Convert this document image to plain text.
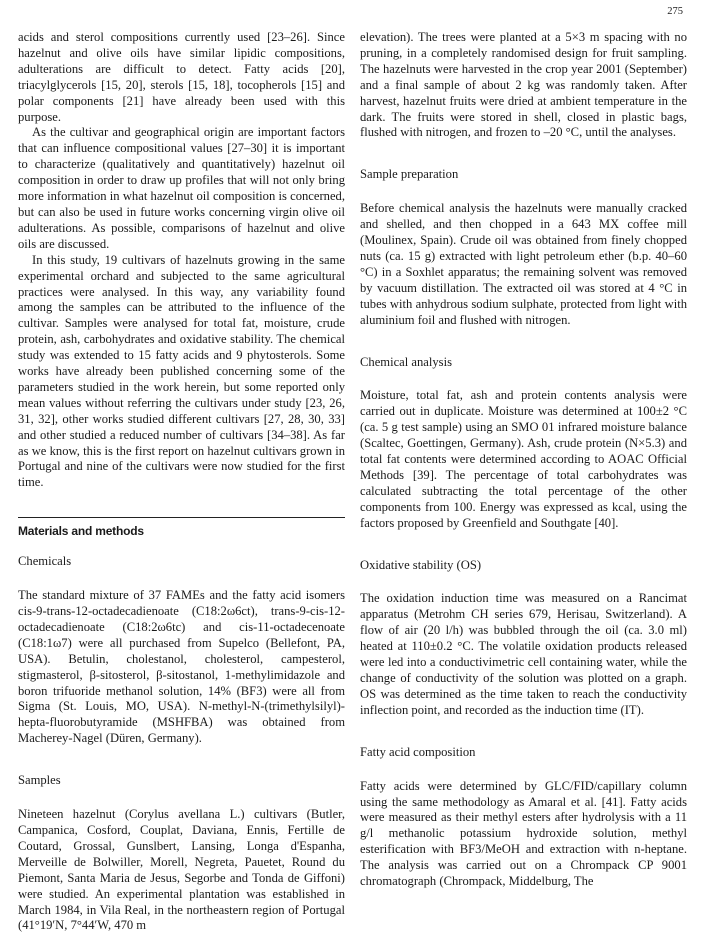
275

acids and sterol compositions currently used [23–26]. Since hazelnut and olive oils have similar lipidic compositions, adulterations are difficult to detect. Fatty acids [20], triacylglycerols [15, 20], sterols [15, 18], tocopherols [15] and polar components [21] have already been used with this purpose.

As the cultivar and geographical origin are important factors that can influence compositional values [27–30] it is important to characterize (qualitatively and quantitatively) hazelnut oil composition in order to draw up profiles that will not only bring more information in what hazelnut oil composition is concerned, but can also be used in future works concerning virgin olive oil adulterations. As possible, comparisons of hazelnut and olive oils are discussed.

In this study, 19 cultivars of hazelnuts growing in the same experimental orchard and subjected to the same agricultural practices were analysed. In this way, any variability found among the samples can be attributed to the influence of the cultivar. Samples were analysed for total fat, moisture, crude protein, ash, carbohydrates and oxidative stability. The chemical study was extended to 15 fatty acids and 9 phytosterols. Some works have already been published concerning some of the parameters studied in the work herein, but some reported only mean values without referring the cultivars under study [23, 26, 31, 32], other works studied different cultivars [27, 28, 30, 33] and other studied a reduced number of cultivars [34–38]. As far as we know, this is the first report on hazelnut cultivars grown in Portugal and nine of the cultivars were now studied for the first time.

Materials and methods
Chemicals

The standard mixture of 37 FAMEs and the fatty acid isomers cis-9-trans-12-octadecadienoate (C18:2ω6ct), trans-9-cis-12-octadecadienoate (C18:2ω6tc) and cis-11-octadecenoate (C18:1ω7) were all purchased from Supelco (Bellefont, PA, USA). Betulin, cholestanol, cholesterol, campesterol, stigmasterol, β-sitosterol, β-sitostanol, 1-methylimidazole and boron trifuoride methanol solution, 14% (BF3) were all from Sigma (St. Louis, MO, USA). N-methyl-N-(trimethylsilyl)-hepta-fluorobutyramide (MSHFBA) was obtained from Macherey-Nagel (Düren, Germany).

Samples

Nineteen hazelnut (Corylus avellana L.) cultivars (Butler, Campanica, Cosford, Couplat, Daviana, Ennis, Fertille de Coutard, Grossal, Gunslbert, Lansing, Longa d'Espanha, Merveille de Bolwiller, Morell, Negreta, Pauetet, Round du Piemont, Santa Maria de Jesus, Segorbe and Tonda de Giffoni) were studied. An experimental plantation was established in March 1984, in Vila Real, in the northeastern region of Portugal (41°19′N, 7°44′W, 470 m

elevation). The trees were planted at a 5×3 m spacing with no pruning, in a completely randomised design for fruit sampling. The hazelnuts were harvested in the crop year 2001 (September) and a final sample of about 2 kg was randomly taken. After harvest, hazelnut fruits were dried at ambient temperature in the dark. The fruits were stored in shell, closed in plastic bags, flushed with nitrogen, and frozen to –20 °C, until the analyses.

Sample preparation

Before chemical analysis the hazelnuts were manually cracked and shelled, and then chopped in a 643 MX coffee mill (Moulinex, Spain). Crude oil was obtained from finely chopped nuts (ca. 15 g) extracted with light petroleum ether (b.p. 40–60 °C) in a Soxhlet apparatus; the remaining solvent was removed by vacuum distillation. The extracted oil was stored at 4 °C in tubes with anhydrous sodium sulphate, protected from light with aluminium foil and flushed with nitrogen.

Chemical analysis

Moisture, total fat, ash and protein contents analysis were carried out in duplicate. Moisture was determined at 100±2 °C (ca. 5 g test sample) using an SMO 01 infrared moisture balance (Scaltec, Goettingen, Germany). Ash, crude protein (N×5.3) and total fat contents were determined according to AOAC Official Methods [39]. The percentage of total carbohydrates was calculated subtracting the total percentage of the other components from 100. Energy was expressed as kcal, using the factors proposed by Greenfield and Southgate [40].

Oxidative stability (OS)

The oxidation induction time was measured on a Rancimat apparatus (Metrohm CH series 679, Herisau, Switzerland). A flow of air (20 l/h) was bubbled through the oil (ca. 3.0 ml) heated at 110±0.2 °C. The volatile oxidation products released were led into a conductivimetric cell containing water, while the change of conductivity of the solution was plotted on a graph. OS was determined as the time taken to reach the conductivity inflection point, and recorded as the induction time (IT).

Fatty acid composition

Fatty acids were determined by GLC/FID/capillary column using the same methodology as Amaral et al. [41]. Fatty acids were measured as their methyl esters after hydrolysis with a 11 g/l methanolic potassium hydroxide solution, methyl esterification with BF3/MeOH and extraction with n-heptane. The analysis was carried out on a Chrompack CP 9001 chromatograph (Chrompack, Middelburg, The
